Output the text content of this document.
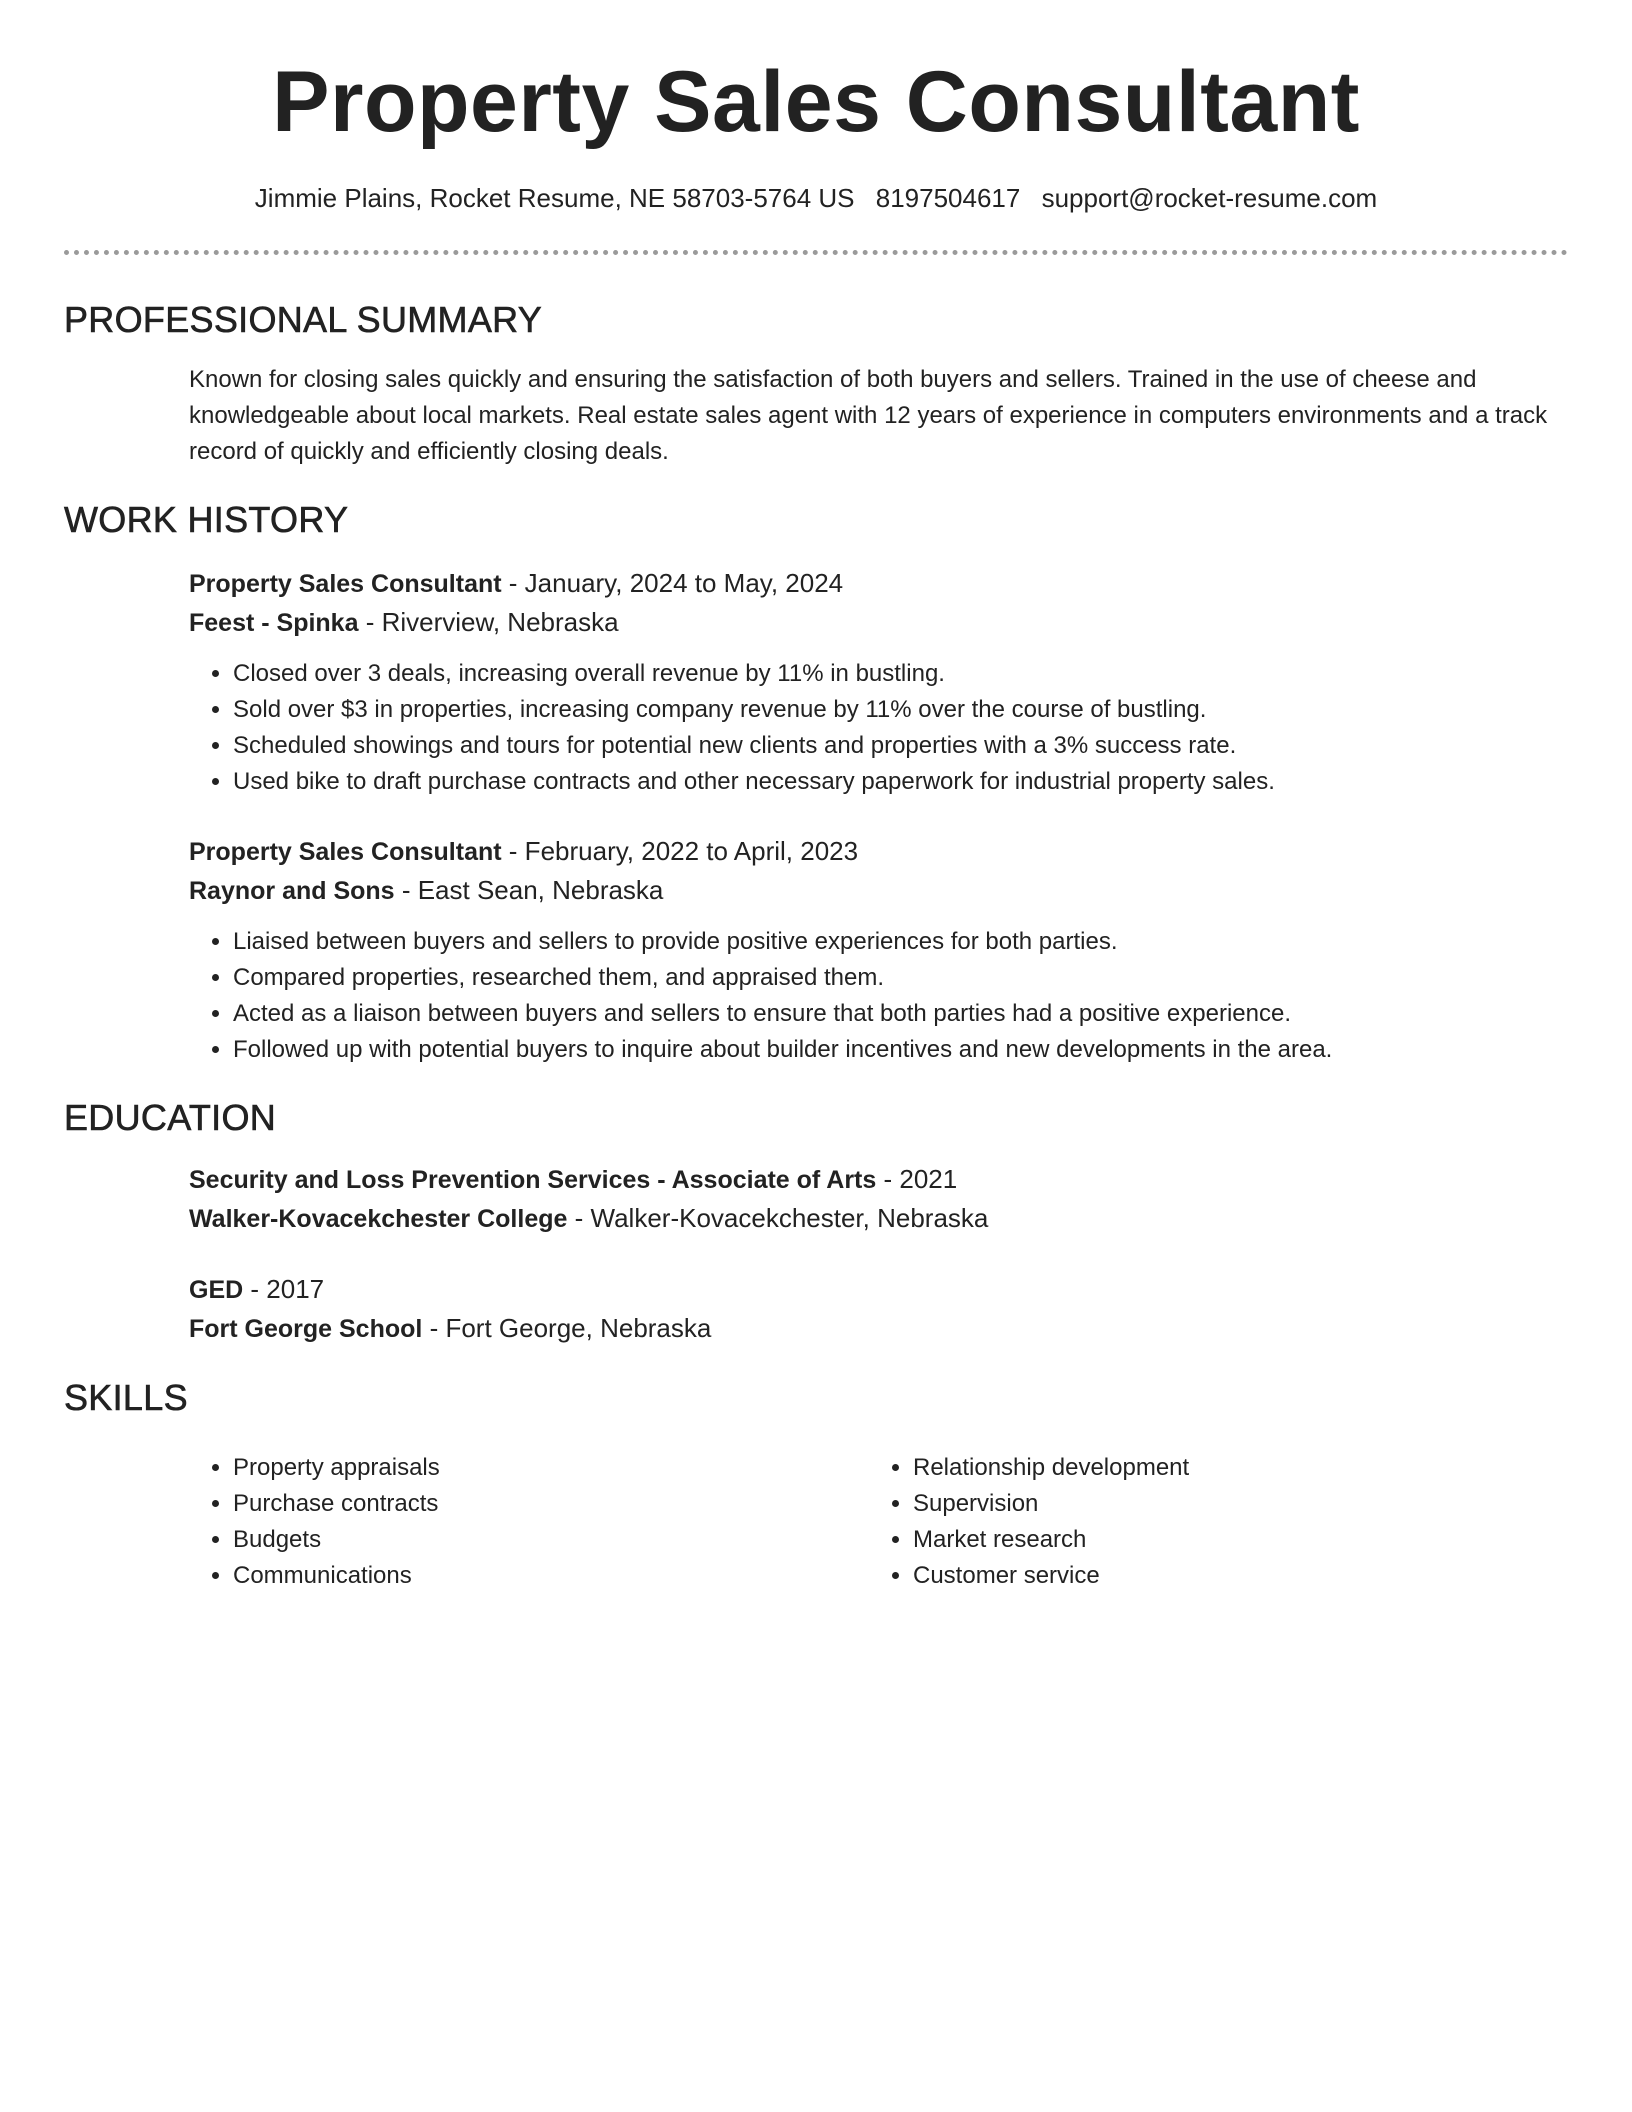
Property Sales Consultant
Jimmie Plains, Rocket Resume, NE 58703-5764 US 8197504617 support@rocket-resume.com
PROFESSIONAL SUMMARY

Known for closing sales quickly and ensuring the satisfaction of both buyers and sellers. Trained in the use of cheese and knowledgeable about local markets. Real estate sales agent with 12 years of experience in computers environments and a track record of quickly and efficiently closing deals.

WORK HISTORY
Property Sales Consultant - January, 2024 to May, 2024
Feest - Spinka - Riverview, Nebraska
• Closed over 3 deals, increasing overall revenue by 11% in bustling.
• Sold over $3 in properties, increasing company revenue by 11% over the course of bustling.
• Scheduled showings and tours for potential new clients and properties with a 3% success rate.
• Used bike to draft purchase contracts and other necessary paperwork for industrial property sales.
Property Sales Consultant - February, 2022 to April, 2023
Raynor and Sons - East Sean, Nebraska
• Liaised between buyers and sellers to provide positive experiences for both parties.
• Compared properties, researched them, and appraised them.
• Acted as a liaison between buyers and sellers to ensure that both parties had a positive experience.
• Followed up with potential buyers to inquire about builder incentives and new developments in the area.
EDUCATION
Security and Loss Prevention Services - Associate of Arts - 2021
Walker-Kovacekchester College - Walker-Kovacekchester, Nebraska
GED - 2017
Fort George School - Fort George, Nebraska
SKILLS
• Property appraisals
• Purchase contracts
• Budgets
• Communications
• Relationship development
• Supervision
• Market research
• Customer service
